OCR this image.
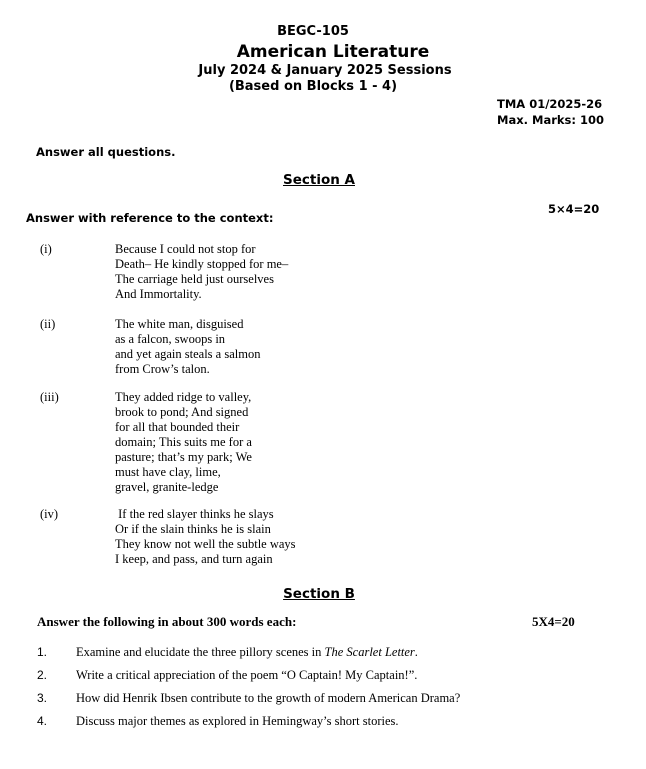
BEGC-105
American Literature
July 2024 & January 2025 Sessions
(Based on Blocks 1 - 4)
TMA 01/2025-26
Max. Marks: 100
Answer all questions.
Section A
5×4=20
Answer with reference to the context:
(i)	Because I could not stop for
Death– He kindly stopped for me–
The carriage held just ourselves
And Immortality.
(ii)	The white man, disguised
as a falcon, swoops in
and yet again steals a salmon
from Crow’s talon.
(iii)	They added ridge to valley,
brook to pond; And signed
for all that bounded their
domain; This suits me for a
pasture; that’s my park; We
must have clay, lime,
gravel, granite-ledge
(iv)	If the red slayer thinks he slays
Or if the slain thinks he is slain
They know not well the subtle ways
I keep, and pass, and turn again
Section B
Answer the following in about 300 words each:	5X4=20
1. Examine and elucidate the three pillory scenes in The Scarlet Letter.
2. Write a critical appreciation of the poem “O Captain! My Captain!”.
3. How did Henrik Ibsen contribute to the growth of modern American Drama?
4. Discuss major themes as explored in Hemingway’s short stories.
